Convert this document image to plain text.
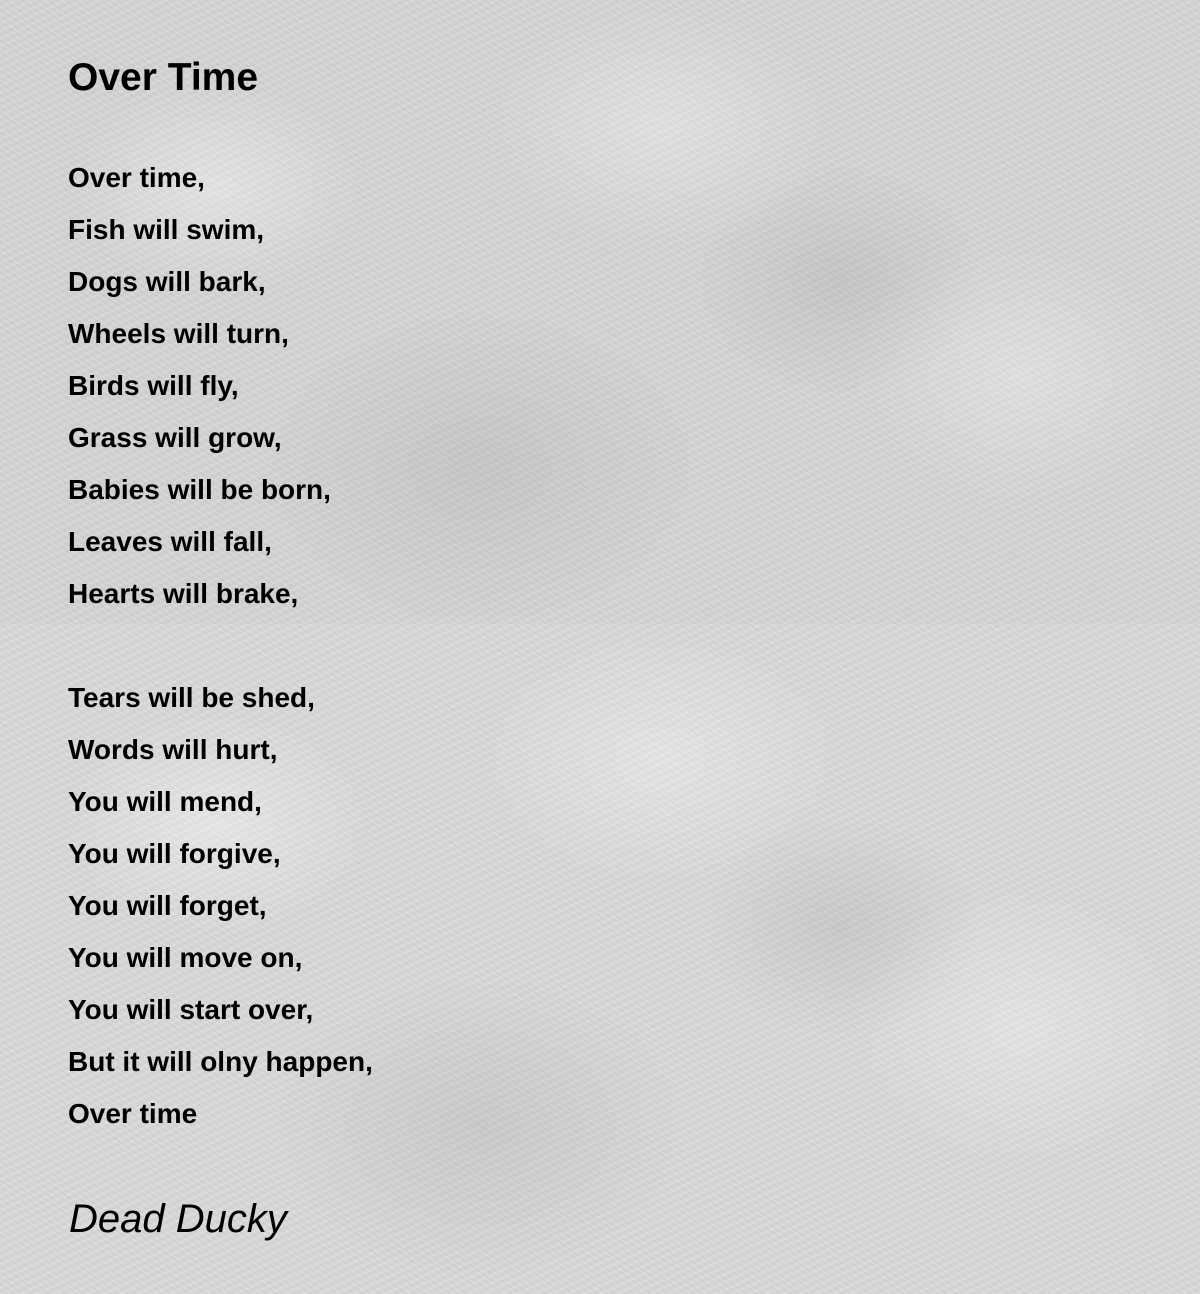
Over Time
Over time,
Fish will swim,
Dogs will bark,
Wheels will turn,
Birds will fly,
Grass will grow,
Babies will be born,
Leaves will fall,
Hearts will brake,
Tears will be shed,
Words will hurt,
You will mend,
You will forgive,
You will forget,
You will move on,
You will start over,
But it will olny happen,
Over time

Dead Ducky
